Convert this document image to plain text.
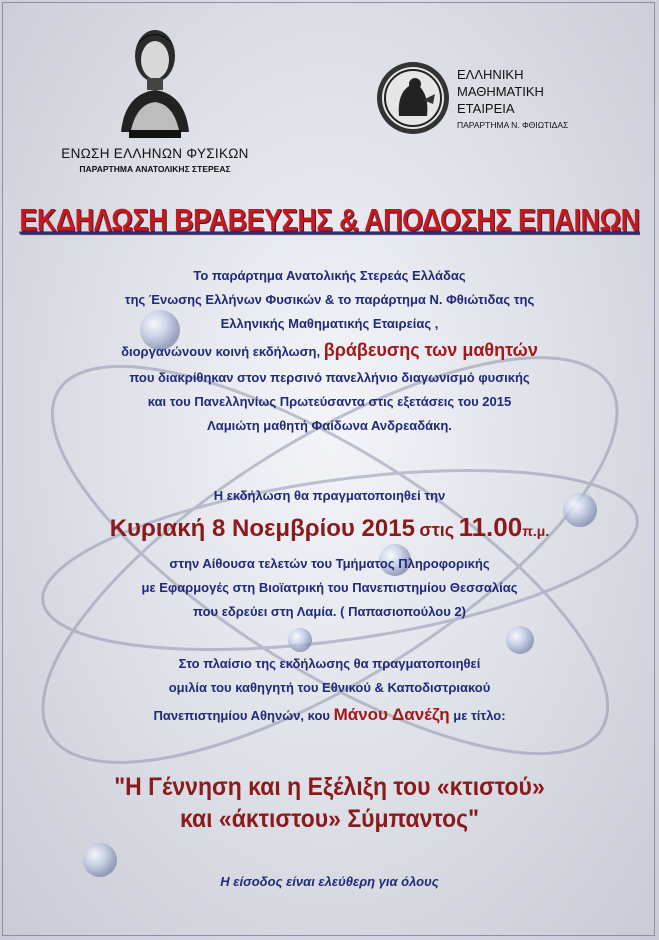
ΕΝΩΣΗ ΕΛΛΗΝΩΝ ΦΥΣΙΚΩΝ
ΠΑΡΑΡΤΗΜΑ ΑΝΑΤΟΛΙΚΗΣ ΣΤΕΡΕΑΣ
ΕΛΛΗΝΙΚΗ
ΜΑΘΗΜΑΤΙΚΗ
ΕΤΑΙΡΕΙΑ
ΠΑΡΑΡΤΗΜΑ Ν. ΦΘΙΩΤΙΔΑΣ
ΕΚΔΗΛΩΣΗ ΒΡΑΒΕΥΣΗΣ & ΑΠΟΔΟΣΗΣ ΕΠΑΙΝΩΝ
Το παράρτημα Ανατολικής Στερεάς Ελλάδας
της Ένωσης Ελλήνων Φυσικών & το παράρτημα Ν. Φθιώτιδας της
Ελληνικής Μαθηματικής Εταιρείας ,
διοργανώνουν κοινή εκδήλωση, βράβευσης των μαθητών
που διακρίθηκαν στον περσινό πανελλήνιο διαγωνισμό φυσικής
και του Πανελληνίως Πρωτεύσαντα στις εξετάσεις του 2015
Λαμιώτη μαθητή Φαίδωνα Ανδρεαδάκη.
Η εκδήλωση θα πραγματοποιηθεί την
Κυριακή 8 Νοεμβρίου 2015 στις 11.00π.μ.
στην Αίθουσα τελετών του Τμήματος Πληροφορικής
με Εφαρμογές στη Βιοϊατρική του Πανεπιστημίου Θεσσαλίας
που εδρεύει στη Λαμία. ( Παπασιοπούλου 2)
Στο πλαίσιο της εκδήλωσης θα πραγματοποιηθεί
ομιλία του καθηγητή του Εθνικού & Καποδιστριακού
Πανεπιστημίου Αθηνών, κου Μάνου Δανέζη με τίτλο:
"Η Γέννηση και η Εξέλιξη του «κτιστού»
και «άκτιστου» Σύμπαντος"
Η είσοδος είναι ελεύθερη για όλους
